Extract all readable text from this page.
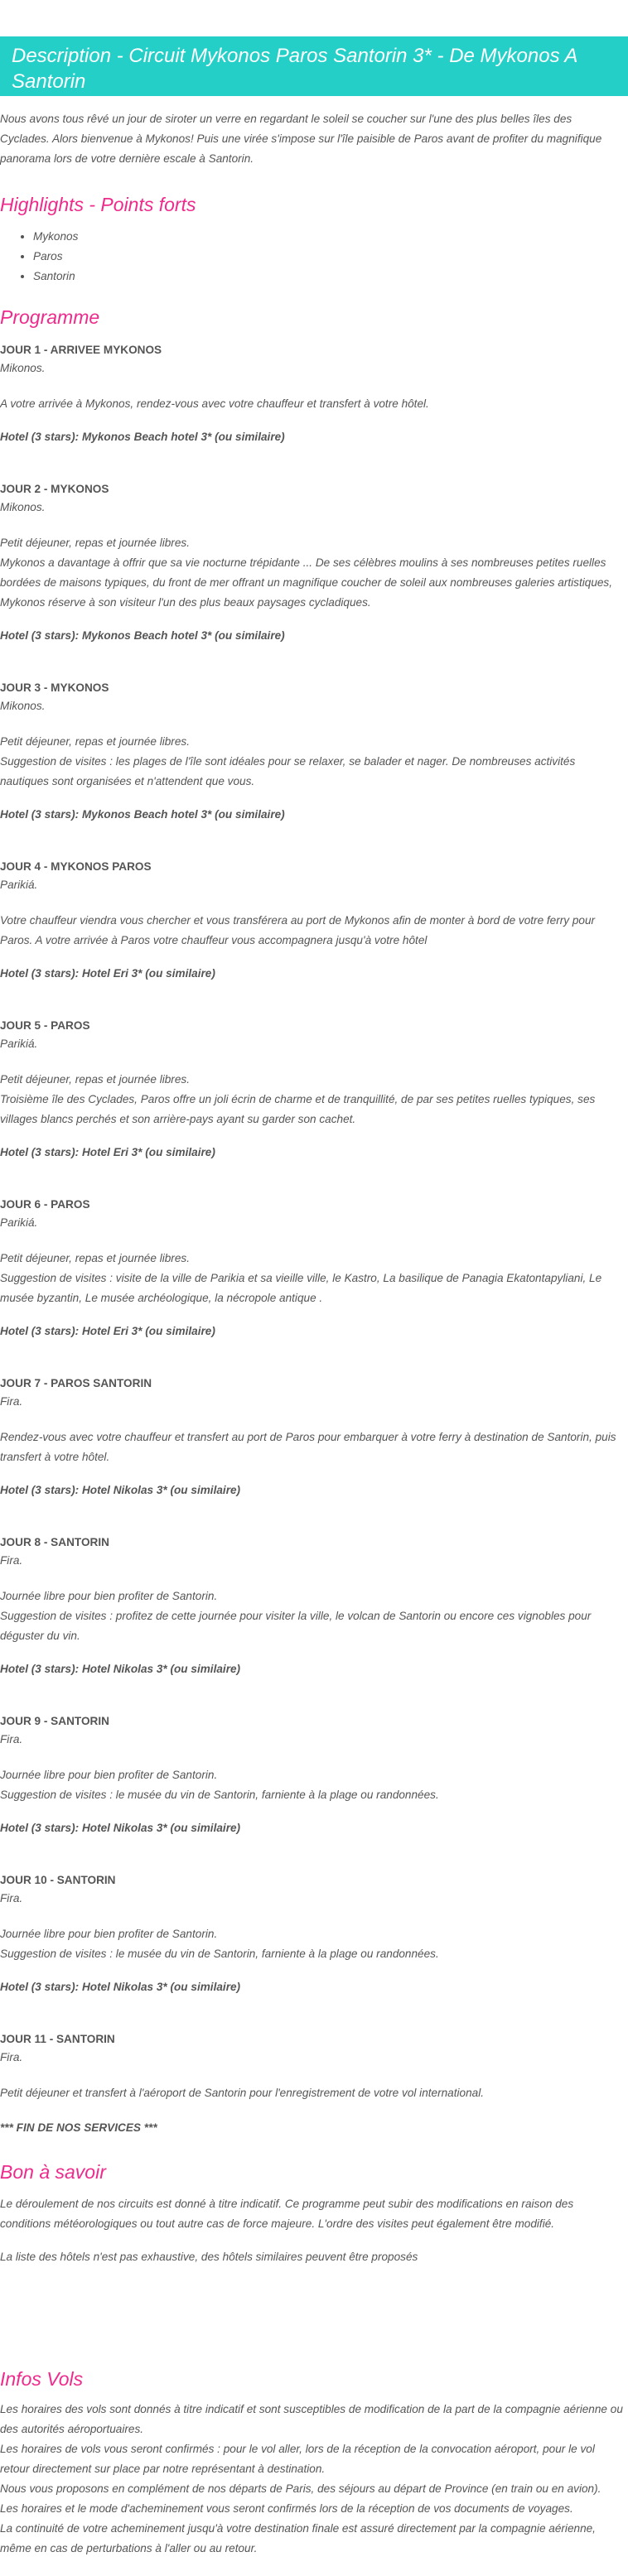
Description - Circuit Mykonos Paros Santorin 3* - De Mykonos A Santorin

Nous avons tous rêvé un jour de siroter un verre en regardant le soleil se coucher sur l'une des plus belles îles des Cyclades. Alors bienvenue à Mykonos! Puis une virée s'impose sur l'île paisible de Paros avant de profiter du magnifique panorama lors de votre dernière escale à Santorin.

Highlights - Points forts
• Mykonos
• Paros
• Santorin
Programme

JOUR 1 - ARRIVEE MYKONOS

Mikonos.

A votre arrivée à Mykonos, rendez-vous avec votre chauffeur et transfert à votre hôtel.

Hotel (3 stars): Mykonos Beach hotel 3* (ou similaire)

JOUR 2 - MYKONOS

Mikonos.

Petit déjeuner, repas et journée libres.
Mykonos a davantage à offrir que sa vie nocturne trépidante ... De ses célèbres moulins à ses nombreuses petites ruelles bordées de maisons typiques, du front de mer offrant un magnifique coucher de soleil aux nombreuses galeries artistiques, Mykonos réserve à son visiteur l'un des plus beaux paysages cycladiques.

Hotel (3 stars): Mykonos Beach hotel 3* (ou similaire)

JOUR 3 - MYKONOS

Mikonos.

Petit déjeuner, repas et journée libres.
Suggestion de visites : les plages de l'île sont idéales pour se relaxer, se balader et nager. De nombreuses activités nautiques sont organisées et n'attendent que vous.

Hotel (3 stars): Mykonos Beach hotel 3* (ou similaire)

JOUR 4 - MYKONOS PAROS

Parikiá.

Votre chauffeur viendra vous chercher et vous transférera au port de Mykonos afin de monter à bord de votre ferry pour Paros. A votre arrivée à Paros votre chauffeur vous accompagnera jusqu'à votre hôtel

Hotel (3 stars): Hotel Eri 3* (ou similaire)

JOUR 5 - PAROS

Parikiá.

Petit déjeuner, repas et journée libres.
Troisième île des Cyclades, Paros offre un joli écrin de charme et de tranquillité, de par ses petites ruelles typiques, ses villages blancs perchés et son arrière-pays ayant su garder son cachet.

Hotel (3 stars): Hotel Eri 3* (ou similaire)

JOUR 6 - PAROS

Parikiá.

Petit déjeuner, repas et journée libres.
Suggestion de visites : visite de la ville de Parikia et sa vieille ville, le Kastro, La basilique de Panagia Ekatontapyliani, Le musée byzantin, Le musée archéologique, la nécropole antique .

Hotel (3 stars): Hotel Eri 3* (ou similaire)

JOUR 7 - PAROS SANTORIN

Fira.

Rendez-vous avec votre chauffeur et transfert au port de Paros pour embarquer à votre ferry à destination de Santorin, puis transfert à votre hôtel.

Hotel (3 stars): Hotel Nikolas 3* (ou similaire)

JOUR 8 - SANTORIN

Fira.

Journée libre pour bien profiter de Santorin.
Suggestion de visites : profitez de cette journée pour visiter la ville, le volcan de Santorin ou encore ces vignobles pour déguster du vin.

Hotel (3 stars): Hotel Nikolas 3* (ou similaire)

JOUR 9 - SANTORIN

Fira.

Journée libre pour bien profiter de Santorin.
Suggestion de visites : le musée du vin de Santorin, farniente à la plage ou randonnées.

Hotel (3 stars): Hotel Nikolas 3* (ou similaire)

JOUR 10 - SANTORIN

Fira.

Journée libre pour bien profiter de Santorin.
Suggestion de visites : le musée du vin de Santorin, farniente à la plage ou randonnées.

Hotel (3 stars): Hotel Nikolas 3* (ou similaire)

JOUR 11 - SANTORIN

Fira.

Petit déjeuner et transfert à l'aéroport de Santorin pour l'enregistrement de votre vol international.

*** FIN DE NOS SERVICES ***

Bon à savoir

Le déroulement de nos circuits est donné à titre indicatif. Ce programme peut subir des modifications en raison des conditions météorologiques ou tout autre cas de force majeure. L'ordre des visites peut également être modifié.

La liste des hôtels n'est pas exhaustive, des hôtels similaires peuvent être proposés

Infos Vols

Les horaires des vols sont donnés à titre indicatif et sont susceptibles de modification de la part de la compagnie aérienne ou des autorités aéroportuaires.

Les horaires de vols vous seront confirmés : pour le vol aller, lors de la réception de la convocation aéroport, pour le vol retour directement sur place par notre représentant à destination.

Nous vous proposons en complément de nos départs de Paris, des séjours au départ de Province (en train ou en avion).

Les horaires et le mode d'acheminement vous seront confirmés lors de la réception de vos documents de voyages.

La continuité de votre acheminement jusqu'à votre destination finale est assuré directement par la compagnie aérienne, même en cas de perturbations à l'aller ou au retour.
